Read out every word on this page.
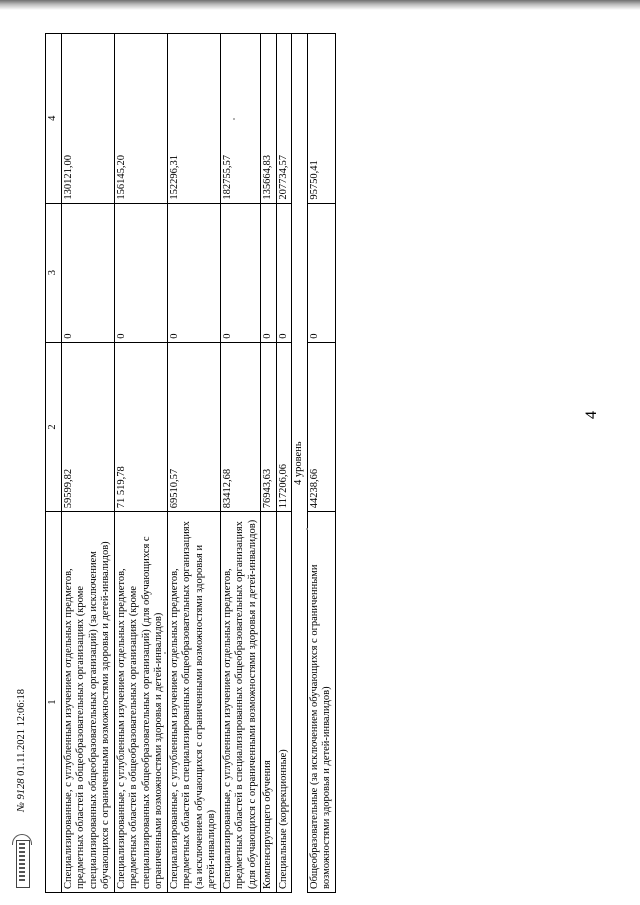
4
1	2	3	4
Специализированные, с углубленным изучением отдельных предметов, предметных областей в общеобразовательных организациях (кроме специализированных общеобразовательных организаций) (за исключением обучающихся с ограниченными возможностями здоровья и детей-инвалидов)	59599,82	0	130121,00
Специализированные, с углубленным изучением отдельных предметов, предметных областей в общеобразовательных организациях (кроме специализированных общеобразовательных организаций) (для обучающихся с ограниченными возможностями здоровья и детей-инвалидов)	71 519,78	0	156145,20
Специализированные, с углубленным изучением отдельных предметов, предметных областей в специализированных общеобразовательных организациях (за исключением обучающихся с ограниченными возможностями здоровья и детей-инвалидов)	69510,57	0	152296,31
Специализированные, с углубленным изучением отдельных предметов, предметных областей в специализированных общеобразовательных организациях (для обучающихся с ограниченными возможностями здоровья и детей-инвалидов)	83412,68	0	182755,57
Компенсирующего обучения	76943,63	0	135664,83
Специальные (коррекционные)	117206,06	0	207734,57
4 уровень			
Общеобразовательные (за исключением обучающихся с ограниченными возможностями здоровья и детей-инвалидов)	44238,66	0	95750,41
№ 9128 01.11.2021 12:06:18
